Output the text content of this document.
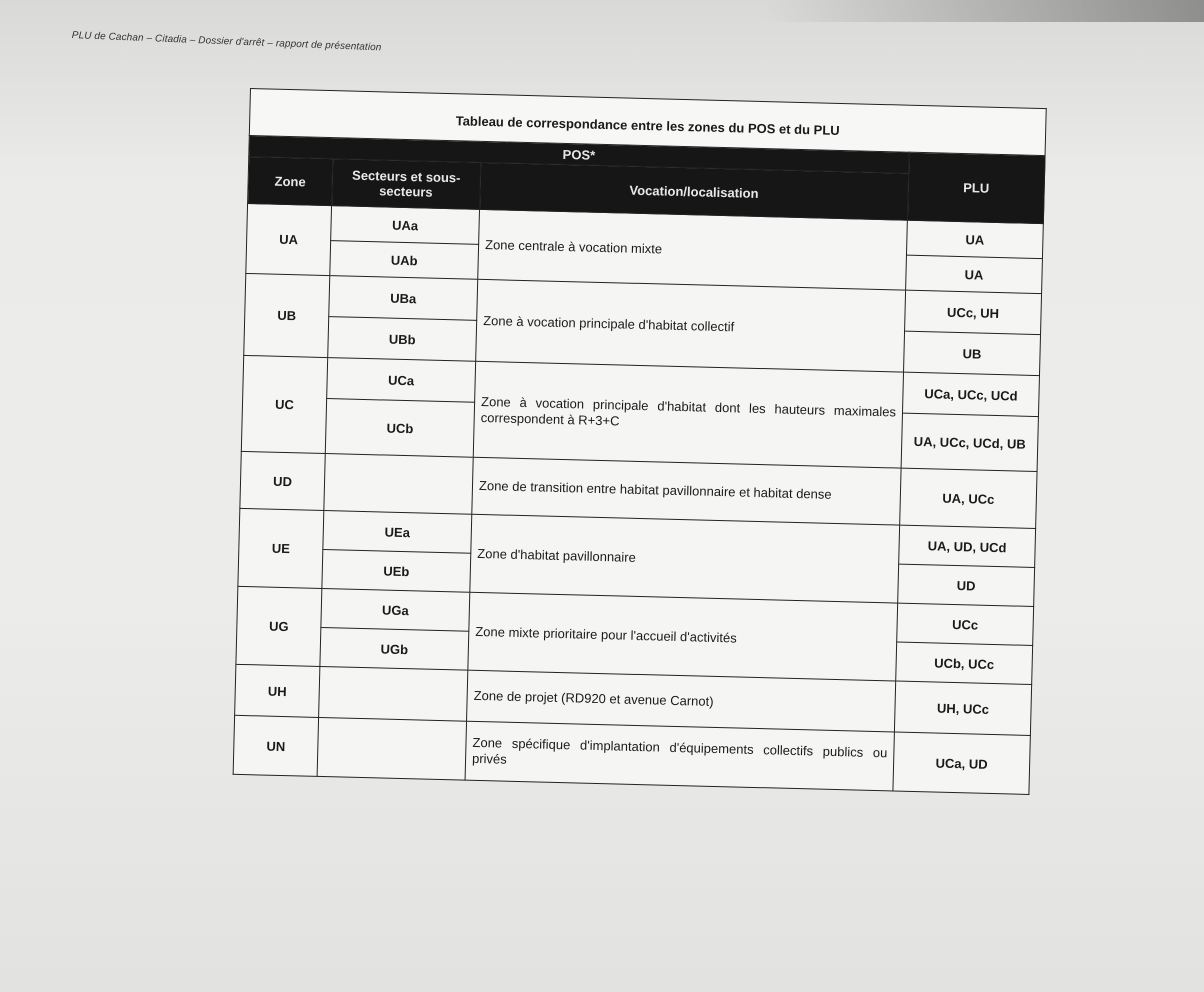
PLU de Cachan – Citadia – Dossier d'arrêt – rapport de présentation
Tableau de correspondance entre les zones du POS et du PLU			
POS*			PLU
Zone	Secteurs et sous-secteurs	Vocation/localisation	
UA	UAa	Zone centrale à vocation mixte	UA
	UAb		UA
UB	UBa	Zone à vocation principale d'habitat collectif	UCc, UH
	UBb		UB
UC	UCa	Zone à vocation principale d'habitat dont les hauteurs maximales correspondent à R+3+C	UCa, UCc, UCd
	UCb		UA, UCc, UCd, UB
UD		Zone de transition entre habitat pavillonnaire et habitat dense	UA, UCc
UE	UEa	Zone d'habitat pavillonnaire	UA, UD, UCd
	UEb		UD
UG	UGa	Zone mixte prioritaire pour l'accueil d'activités	UCc
	UGb		UCb, UCc
UH		Zone de projet (RD920 et avenue Carnot)	UH, UCc
UN		Zone spécifique d'implantation d'équipements collectifs publics ou privés	UCa, UD
